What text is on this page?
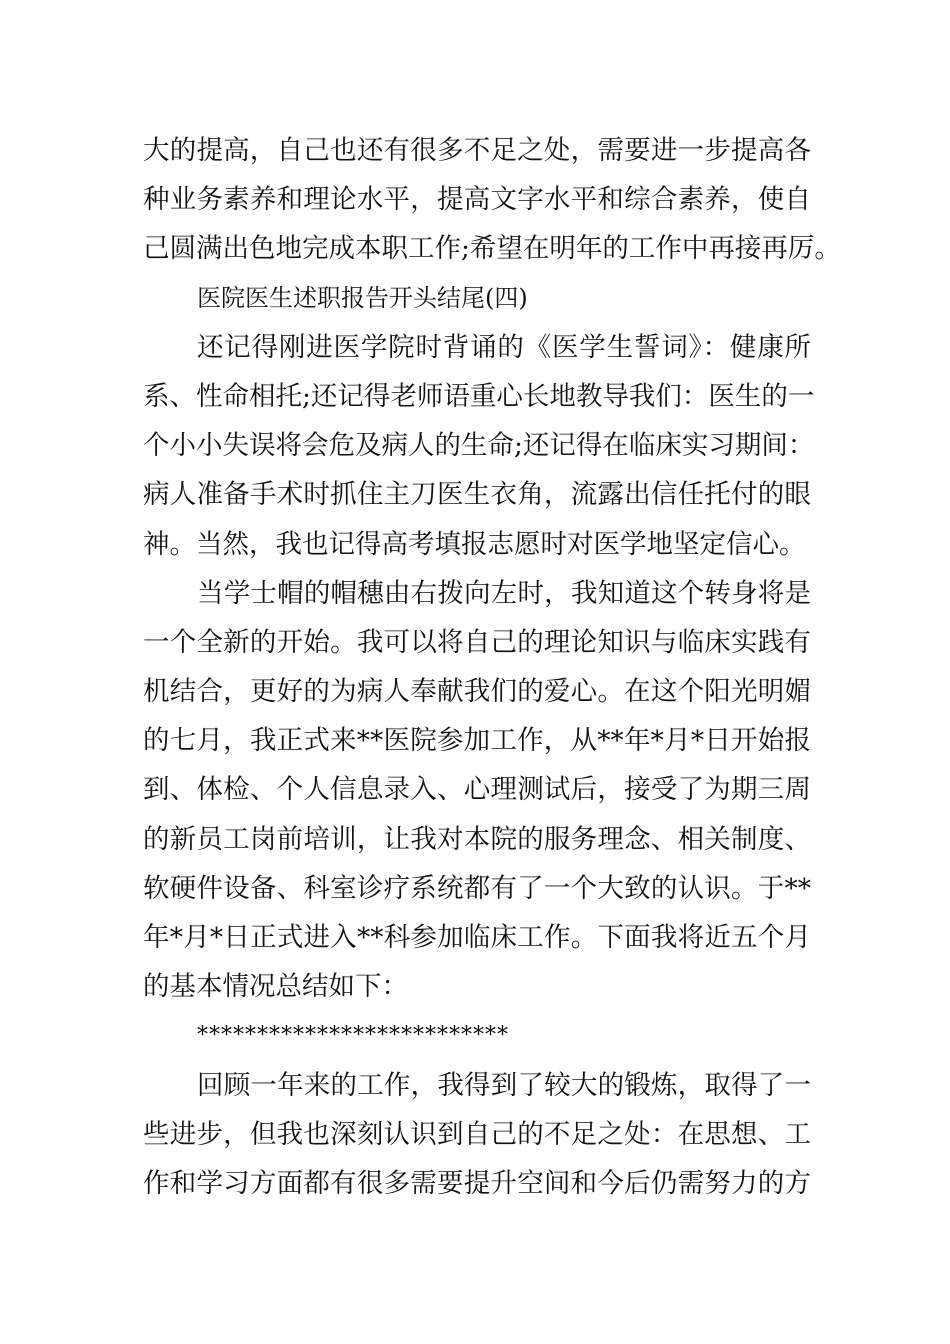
大的提高，自己也还有很多不足之处，需要进一步提高各
种业务素养和理论水平，提高文字水平和综合素养，使自
己圆满出色地完成本职工作;希望在明年的工作中再接再厉。
医院医生述职报告开头结尾(四)
还记得刚进医学院时背诵的《医学生誓词》：健康所
系、性命相托;还记得老师语重心长地教导我们：医生的一
个小小失误将会危及病人的生命;还记得在临床实习期间：
病人准备手术时抓住主刀医生衣角，流露出信任托付的眼
神。当然，我也记得高考填报志愿时对医学地坚定信心。
当学士帽的帽穗由右拨向左时，我知道这个转身将是
一个全新的开始。我可以将自己的理论知识与临床实践有
机结合，更好的为病人奉献我们的爱心。在这个阳光明媚
的七月，我正式来**医院参加工作，从**年*月*日开始报
到、体检、个人信息录入、心理测试后，接受了为期三周
的新员工岗前培训，让我对本院的服务理念、相关制度、
软硬件设备、科室诊疗系统都有了一个大致的认识。于**
年*月*日正式进入**科参加临床工作。下面我将近五个月
的基本情况总结如下：
**************************
回顾一年来的工作，我得到了较大的锻炼，取得了一
些进步，但我也深刻认识到自己的不足之处：在思想、工
作和学习方面都有很多需要提升空间和今后仍需努力的方
